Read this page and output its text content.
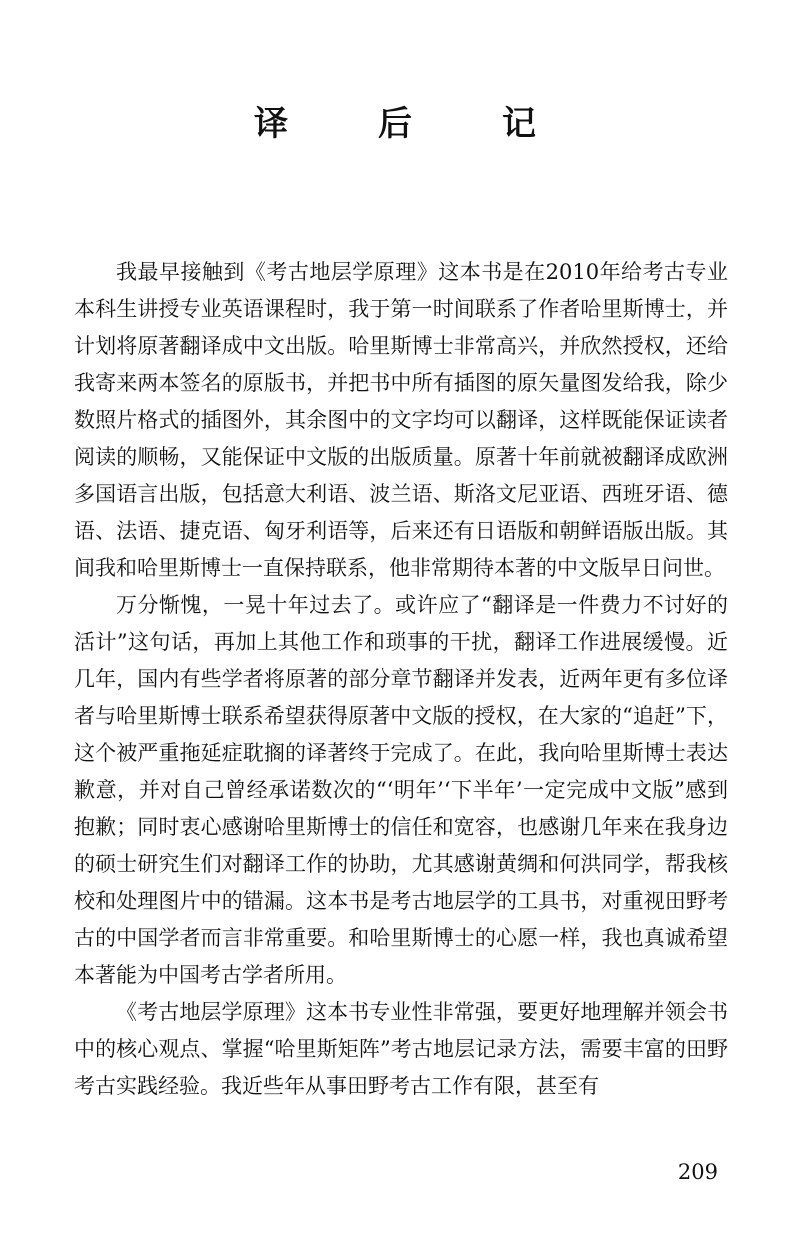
译　后　记

我最早接触到《考古地层学原理》这本书是在2010年给考古专业本科生讲授专业英语课程时，我于第一时间联系了作者哈里斯博士，并计划将原著翻译成中文出版。哈里斯博士非常高兴，并欣然授权，还给我寄来两本签名的原版书，并把书中所有插图的原矢量图发给我，除少数照片格式的插图外，其余图中的文字均可以翻译，这样既能保证读者阅读的顺畅，又能保证中文版的出版质量。原著十年前就被翻译成欧洲多国语言出版，包括意大利语、波兰语、斯洛文尼亚语、西班牙语、德语、法语、捷克语、匈牙利语等，后来还有日语版和朝鲜语版出版。其间我和哈里斯博士一直保持联系，他非常期待本著的中文版早日问世。

万分惭愧，一晃十年过去了。或许应了“翻译是一件费力不讨好的活计”这句话，再加上其他工作和琐事的干扰，翻译工作进展缓慢。近几年，国内有些学者将原著的部分章节翻译并发表，近两年更有多位译者与哈里斯博士联系希望获得原著中文版的授权，在大家的“追赶”下，这个被严重拖延症耽搁的译著终于完成了。在此，我向哈里斯博士表达歉意，并对自己曾经承诺数次的“‘明年’‘下半年’一定完成中文版”感到抱歉；同时衷心感谢哈里斯博士的信任和宽容，也感谢几年来在我身边的硕士研究生们对翻译工作的协助，尤其感谢黄绸和何洪同学，帮我核校和处理图片中的错漏。这本书是考古地层学的工具书，对重视田野考古的中国学者而言非常重要。和哈里斯博士的心愿一样，我也真诚希望本著能为中国考古学者所用。

《考古地层学原理》这本书专业性非常强，要更好地理解并领会书中的核心观点、掌握“哈里斯矩阵”考古地层记录方法，需要丰富的田野考古实践经验。我近些年从事田野考古工作有限，甚至有

209
